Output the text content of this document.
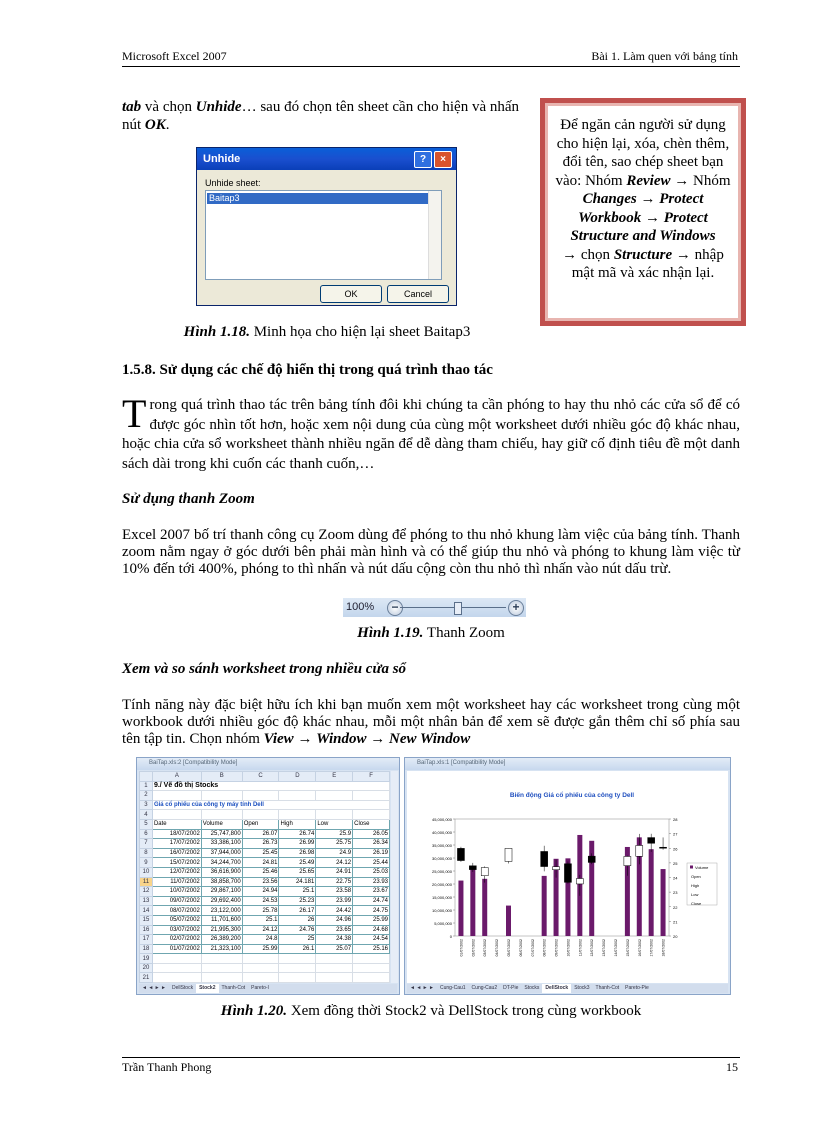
Microsoft Excel 2007	Bài 1. Làm quen với bảng tính
tab và chọn Unhide… sau đó chọn tên sheet cần cho hiện và nhấn nút OK.	Để ngăn cản người sử dụng cho hiện lại, xóa, chèn thêm, đổi tên, sao chép sheet bạn vào: Nhóm Review → Nhóm Changes → Protect Workbook → Protect Structure and Windows
→ chọn Structure → nhập mật mã và xác nhận lại.
Unhide	?	×
Unhide sheet:
Baitap3
OK	Cancel
Hình 1.18. Minh họa cho hiện lại sheet Baitap3
1.5.8. Sử dụng các chế độ hiển thị trong quá trình thao tác
T rong quá trình thao tác trên bảng tính đôi khi chúng ta cần phóng to hay thu nhỏ các cửa sổ để có được góc nhìn tốt hơn, hoặc xem nội dung của cùng một worksheet dưới nhiều góc độ khác nhau, hoặc chia cửa sổ worksheet thành nhiều ngăn để dễ dàng tham chiếu, hay giữ cố định tiêu đề một danh sách dài trong khi cuốn các thanh cuốn,…
Sử dụng thanh Zoom
Excel 2007 bố trí thanh công cụ Zoom dùng để phóng to thu nhỏ khung làm việc của bảng tính. Thanh zoom nằm ngay ở góc dưới bên phải màn hình và có thể giúp thu nhỏ và phóng to khung làm việc từ 10% đến tới 400%, phóng to thì nhấn và nút dấu cộng còn thu nhỏ thì nhấn vào nút dấu trừ.
100%	−	+
Hình 1.19. Thanh Zoom
Xem và so sánh worksheet trong nhiều cửa sổ
Tính năng này đặc biệt hữu ích khi bạn muốn xem một worksheet hay các worksheet trong cùng một workbook dưới nhiều góc độ khác nhau, mỗi một nhân bản để xem sẽ được gắn thêm chỉ số phía sau tên tập tin. Chọn nhóm View → Window → New Window
BaiTap.xls:2 [Compatibility Mode]
	A	B	C	D	E	F
1	9./ Vẽ đồ thị Stocks					
2						
3	Giá cổ phiếu của công ty máy tính Dell					
4						
5	Date	Volume	Open	High	Low	Close
6	18/07/2002	25,747,800	26.07	26.74	25.9	26.05
7	17/07/2002	33,386,100	26.73	26.99	25.75	26.34
8	16/07/2002	37,944,000	25.45	26.98	24.9	26.19
9	15/07/2002	34,244,700	24.81	25.49	24.12	25.44
10	12/07/2002	36,616,900	25.46	25.65	24.91	25.03
11	11/07/2002	38,858,700	23.56	24.181	22.75	23.93
12	10/07/2002	29,867,100	24.94	25.1	23.58	23.67
13	09/07/2002	29,692,400	24.53	25.23	23.99	24.74
14	08/07/2002	23,122,000	25.78	26.17	24.42	24.75
15	05/07/2002	11,701,600	25.1	26	24.96	25.99
16	03/07/2002	21,995,300	24.12	24.76	23.65	24.68
17	02/07/2002	26,389,200	24.8	25	24.38	24.54
18	01/07/2002	21,323,100	25.99	26.1	25.07	25.16
19						
20						
21						
◄ ◄ ► ► DellStock Stock2 Thanh-Cot Pareto-I
BaiTap.xls:1 [Compatibility Mode]
Biến động Giá cổ phiếu của công ty Dell
45,000,000
40,000,000
35,000,000
30,000,000
25,000,000
20,000,000
15,000,000
10,000,000
5,000,000
0
28
27
26
25
24
23
22
21
20
01/07/2002 02/07/2002 03/07/2002 04/07/2002 05/07/2002 06/07/2002 07/07/2002 08/07/2002 09/07/2002 10/07/2002 11/07/2002 12/07/2002 13/07/2002 14/07/2002 15/07/2002 16/07/2002 17/07/2002 18/07/2002
Volume
Open
High
Low
Close
◄ ◄ ► ► Cung-Cau1 Cung-Cau2 DT-Pie Stocks DellStock Stock3 Thanh-Cot Pareto-Pie
Hình 1.20. Xem đồng thời Stock2 và DellStock trong cùng workbook
Trần Thanh Phong	15
